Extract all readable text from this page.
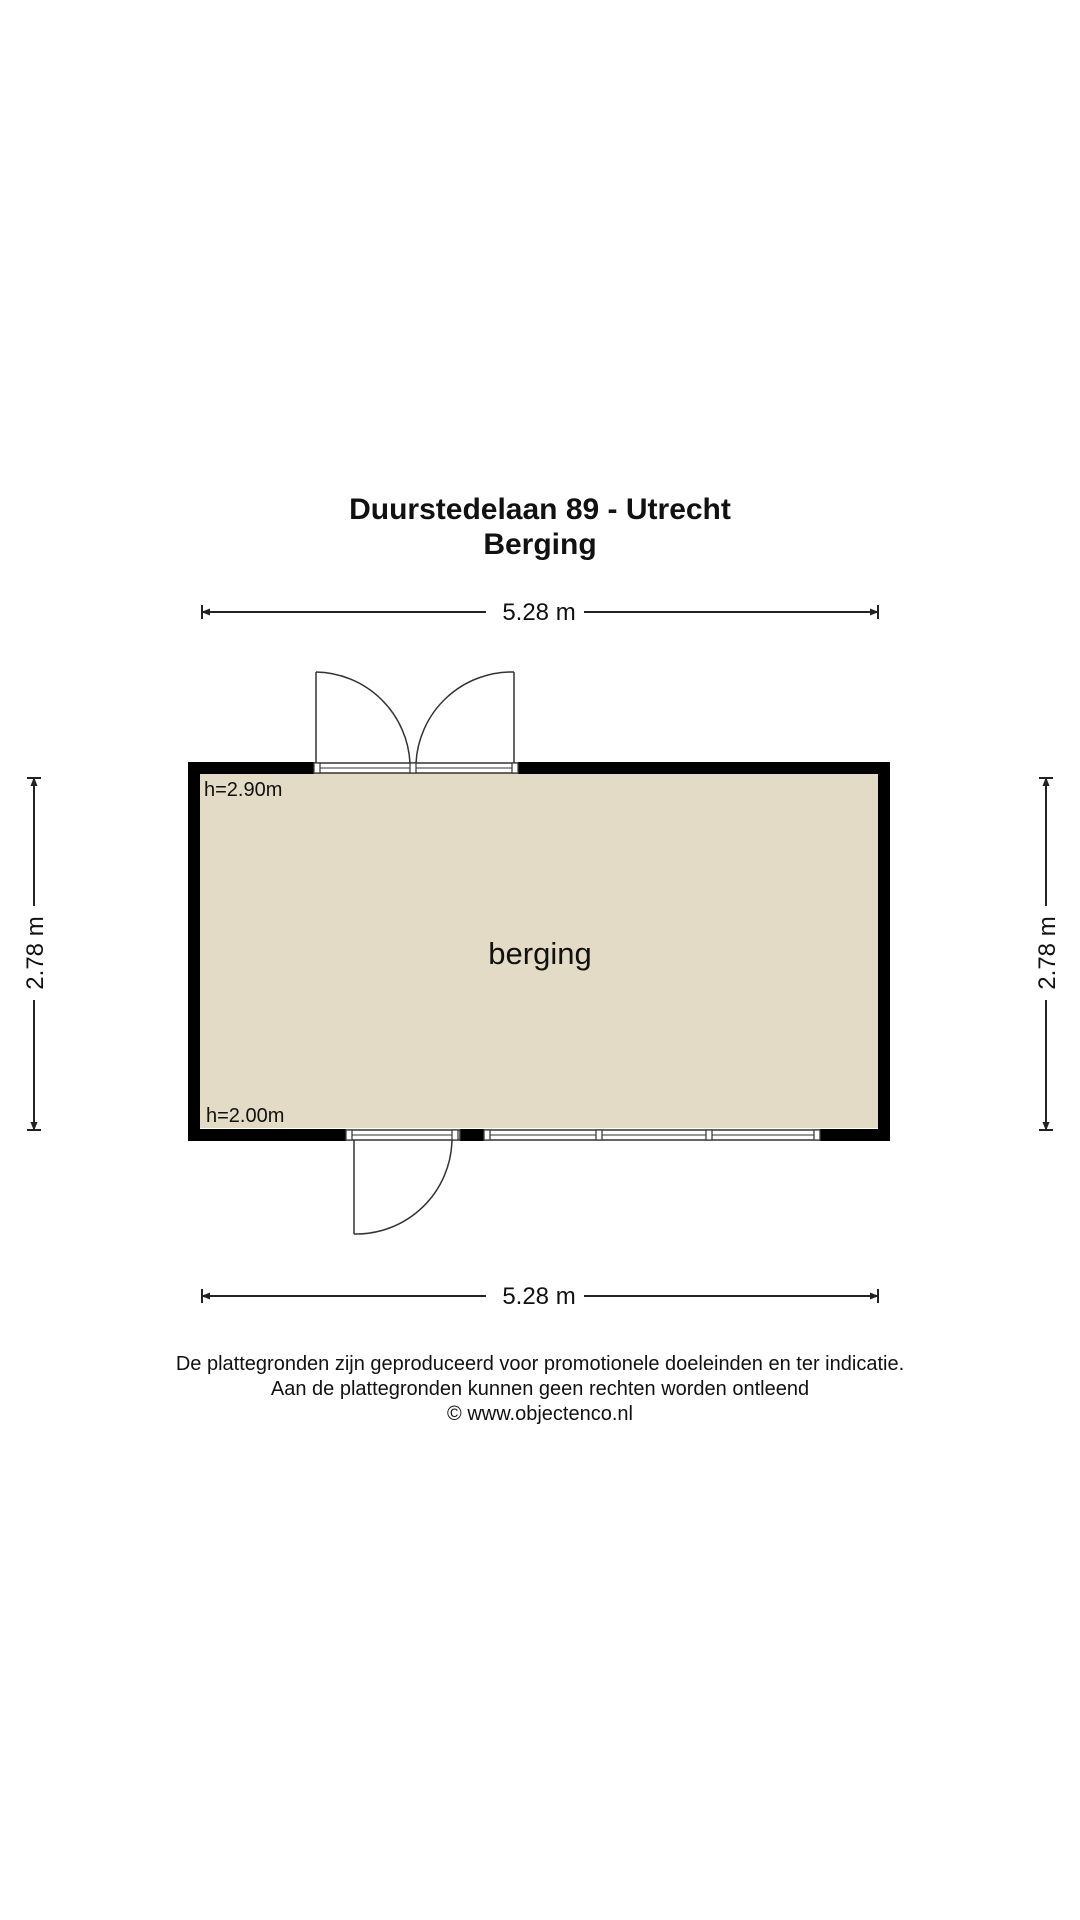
Duurstedelaan 89 - Utrecht
Berging
5.28 m
5.28 m
2.78 m	2.78 m
h=2.90m
h=2.00m
berging
De plattegronden zijn geproduceerd voor promotionele doeleinden en ter indicatie.
Aan de plattegronden kunnen geen rechten worden ontleend
© www.objectenco.nl
